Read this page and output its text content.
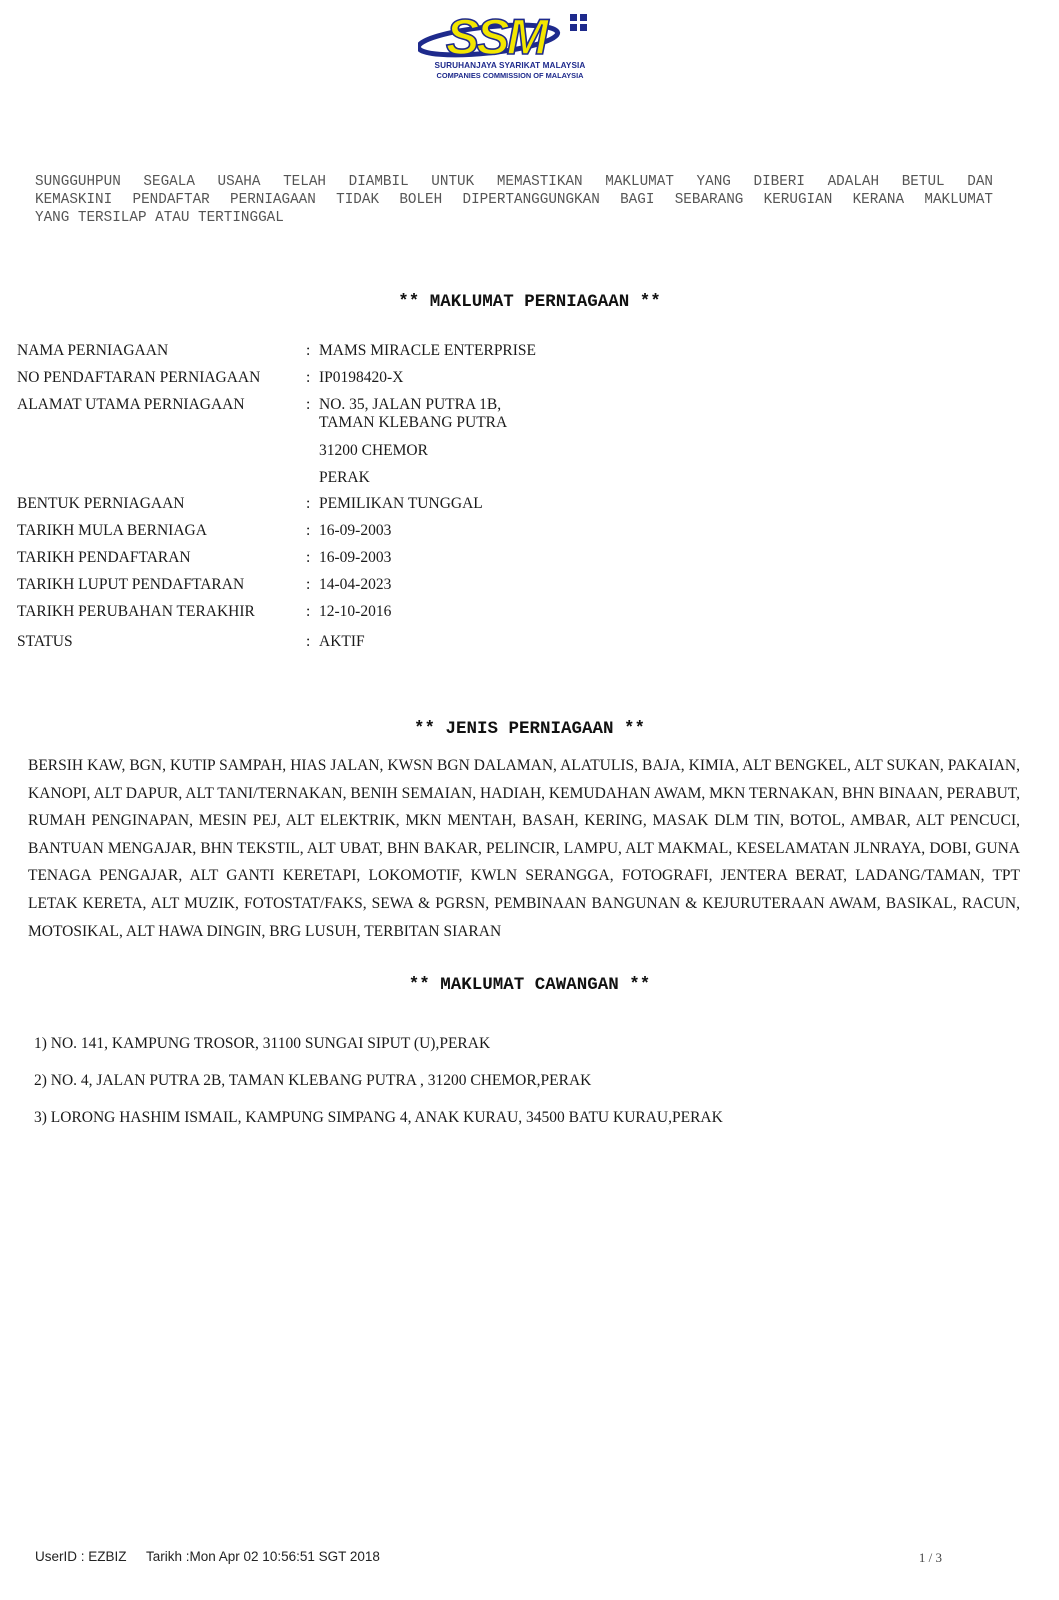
SSM
SURUHANJAYA SYARIKAT MALAYSIA
COMPANIES COMMISSION OF MALAYSIA
SUNGGUHPUN SEGALA USAHA TELAH DIAMBIL UNTUK MEMASTIKAN MAKLUMAT YANG DIBERI ADALAH BETUL DAN
KEMASKINI PENDAFTAR PERNIAGAAN TIDAK BOLEH DIPERTANGGUNGKAN BAGI SEBARANG KERUGIAN KERANA MAKLUMAT
YANG TERSILAP ATAU TERTINGGAL
** MAKLUMAT PERNIAGAAN **
NAMA PERNIAGAAN	: MAMS MIRACLE ENTERPRISE
NO PENDAFTARAN PERNIAGAAN	: IP0198420-X
ALAMAT UTAMA PERNIAGAAN	: NO. 35, JALAN PUTRA 1B,
TAMAN KLEBANG PUTRA
31200 CHEMOR
PERAK
BENTUK PERNIAGAAN	: PEMILIKAN TUNGGAL
TARIKH MULA BERNIAGA	: 16-09-2003
TARIKH PENDAFTARAN	: 16-09-2003
TARIKH LUPUT PENDAFTARAN	: 14-04-2023
TARIKH PERUBAHAN TERAKHIR	: 12-10-2016
STATUS	: AKTIF
** JENIS PERNIAGAAN **
BERSIH KAW, BGN, KUTIP SAMPAH, HIAS JALAN, KWSN BGN DALAMAN, ALATULIS, BAJA, KIMIA, ALT BENGKEL, ALT SUKAN, PAKAIAN, KANOPI, ALT DAPUR, ALT TANI/TERNAKAN, BENIH SEMAIAN, HADIAH, KEMUDAHAN AWAM, MKN TERNAKAN, BHN BINAAN, PERABUT, RUMAH PENGINAPAN, MESIN PEJ, ALT ELEKTRIK, MKN MENTAH, BASAH, KERING, MASAK DLM TIN, BOTOL, AMBAR, ALT PENCUCI, BANTUAN MENGAJAR, BHN TEKSTIL, ALT UBAT, BHN BAKAR, PELINCIR, LAMPU, ALT MAKMAL, KESELAMATAN JLNRAYA, DOBI, GUNA TENAGA PENGAJAR, ALT GANTI KERETAPI, LOKOMOTIF, KWLN SERANGGA, FOTOGRAFI, JENTERA BERAT, LADANG/TAMAN, TPT LETAK KERETA, ALT MUZIK, FOTOSTAT/FAKS, SEWA & PGRSN, PEMBINAAN BANGUNAN & KEJURUTERAAN AWAM, BASIKAL, RACUN, MOTOSIKAL, ALT HAWA DINGIN, BRG LUSUH, TERBITAN SIARAN
** MAKLUMAT CAWANGAN **
1) NO. 141, KAMPUNG TROSOR, 31100 SUNGAI SIPUT (U),PERAK
2) NO. 4, JALAN PUTRA 2B, TAMAN KLEBANG PUTRA , 31200 CHEMOR,PERAK
3) LORONG HASHIM ISMAIL, KAMPUNG SIMPANG 4, ANAK KURAU, 34500 BATU KURAU,PERAK
UserID : EZBIZ Tarikh :Mon Apr 02 10:56:51 SGT 2018	1 / 3
